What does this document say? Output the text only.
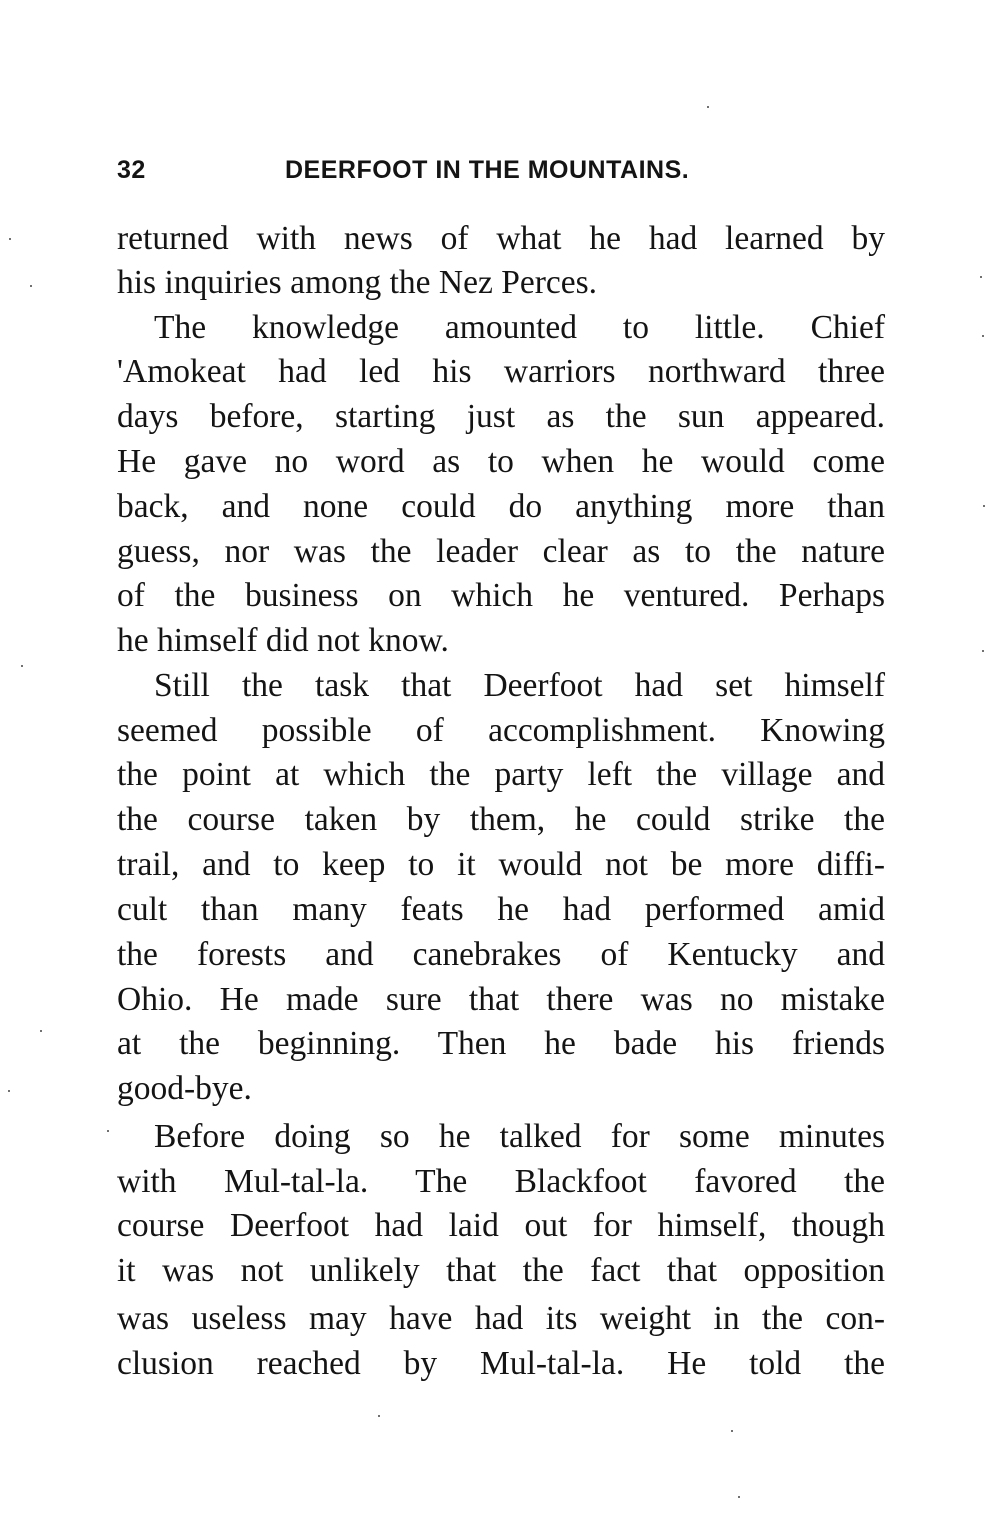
32	DEERFOOT IN THE MOUNTAINS.
returned with news of what he had learned by
his inquiries among the Nez Perces.
The knowledge amounted to little. Chief
'Amokeat had led his warriors northward three
days before, starting just as the sun appeared.
He gave no word as to when he would come
back, and none could do anything more than
guess, nor was the leader clear as to the nature
of the business on which he ventured. Perhaps
he himself did not know.
Still the task that Deerfoot had set himself
seemed possible of accomplishment. Knowing
the point at which the party left the village and
the course taken by them, he could strike the
trail, and to keep to it would not be more diffi-
cult than many feats he had performed amid
the forests and canebrakes of Kentucky and
Ohio. He made sure that there was no mistake
at the beginning. Then he bade his friends
good-bye.
Before doing so he talked for some minutes
with Mul-tal-la. The Blackfoot favored the
course Deerfoot had laid out for himself, though
it was not unlikely that the fact that opposition
was useless may have had its weight in the con-
clusion reached by Mul-tal-la. He told the
